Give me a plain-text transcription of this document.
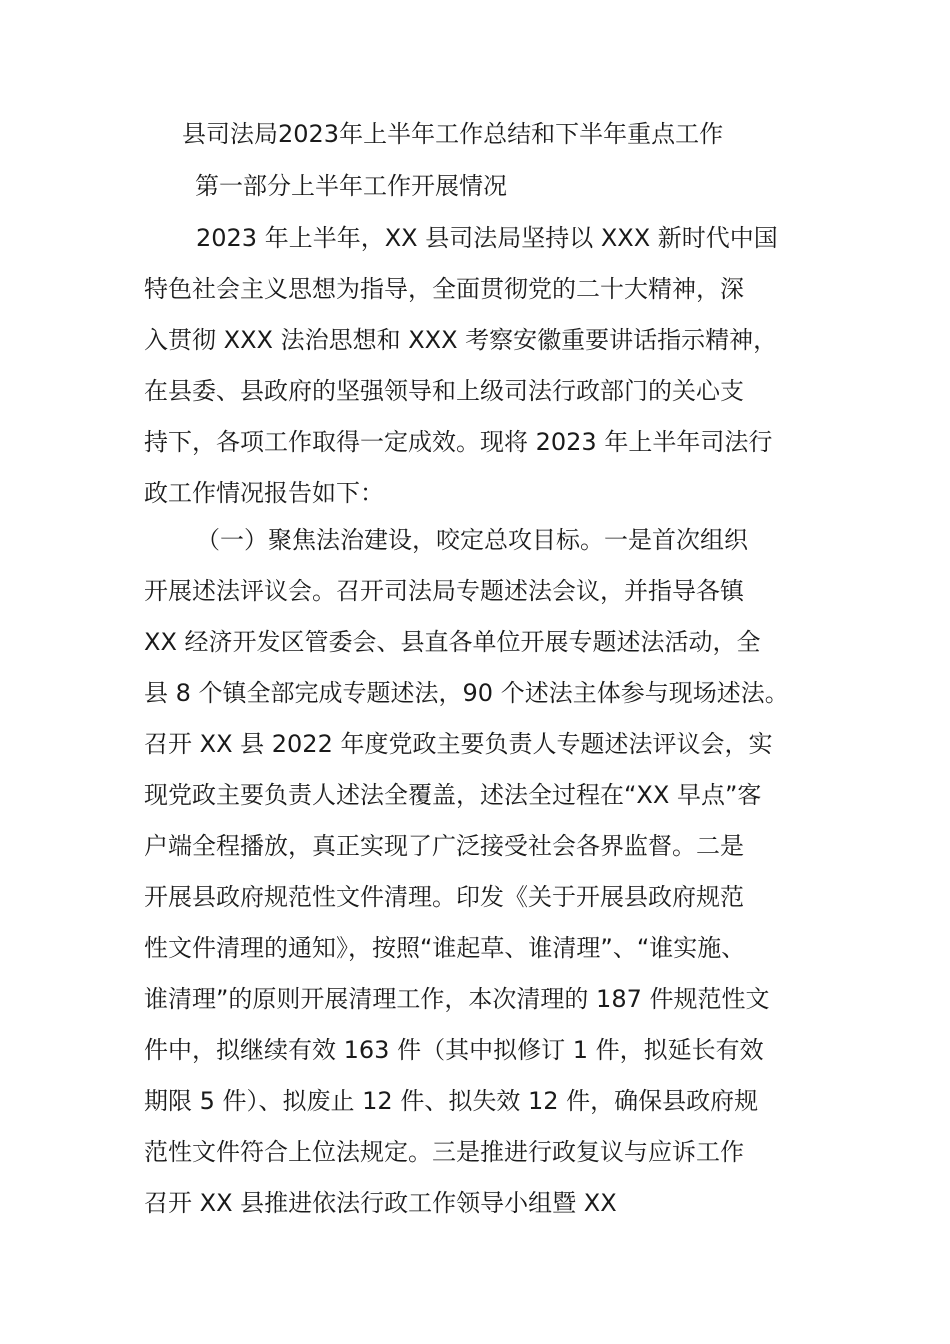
县司法局2023年上半年工作总结和下半年重点工作
第一部分上半年工作开展情况
2023 年上半年，XX 县司法局坚持以 XXX 新时代中国
特色社会主义思想为指导，全面贯彻党的二十大精神，深
入贯彻 XXX 法治思想和 XXX 考察安徽重要讲话指示精神，
在县委、县政府的坚强领导和上级司法行政部门的关心支
持下，各项工作取得一定成效。现将 2023 年上半年司法行
政工作情况报告如下：
（一）聚焦法治建设，咬定总攻目标。一是首次组织
开展述法评议会。召开司法局专题述法会议，并指导各镇
XX 经济开发区管委会、县直各单位开展专题述法活动，全
县 8 个镇全部完成专题述法，90 个述法主体参与现场述法。
召开 XX 县 2022 年度党政主要负责人专题述法评议会，实
现党政主要负责人述法全覆盖，述法全过程在“XX 早点”客
户端全程播放，真正实现了广泛接受社会各界监督。二是
开展县政府规范性文件清理。印发《关于开展县政府规范
性文件清理的通知》，按照“谁起草、谁清理”、“谁实施、
谁清理”的原则开展清理工作，本次清理的 187 件规范性文
件中，拟继续有效 163 件（其中拟修订 1 件，拟延长有效
期限 5 件）、拟废止 12 件、拟失效 12 件，确保县政府规
范性文件符合上位法规定。三是推进行政复议与应诉工作
召开 XX 县推进依法行政工作领导小组暨 XX
